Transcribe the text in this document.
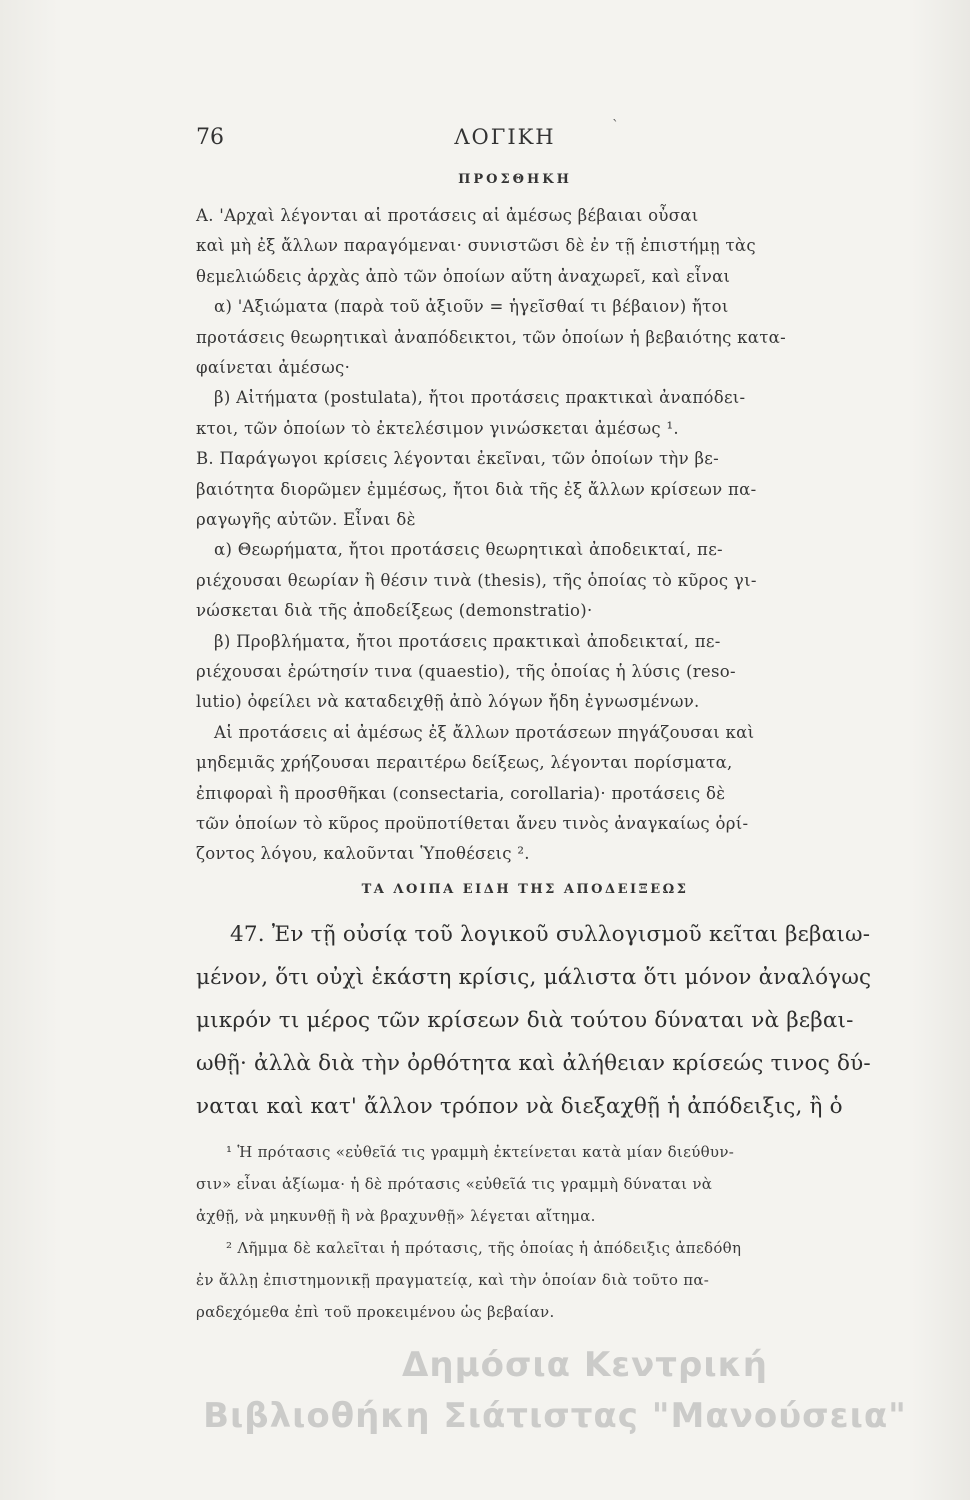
76	ΛΟΓΙΚΗ	`
ΠΡΟΣΘΗΚΗ
Α. 'Αρχαὶ λέγονται αἱ προτάσεις αἱ ἀμέσως βέβαιαι οὖσαι
καὶ μὴ ἐξ ἄλλων παραγόμεναι· συνιστῶσι δὲ ἐν τῇ ἐπιστήμῃ τὰς
θεμελιώδεις ἀρχὰς ἀπὸ τῶν ὁποίων αὕτη ἀναχωρεῖ, καὶ εἶναι
α) 'Αξιώματα (παρὰ τοῦ ἀξιοῦν = ἡγεῖσθαί τι βέβαιον) ἤτοι
προτάσεις θεωρητικαὶ ἀναπόδεικτοι, τῶν ὁποίων ἡ βεβαιότης κατα-
φαίνεται ἀμέσως·
β) Αἰτήματα (postulata), ἤτοι προτάσεις πρακτικαὶ ἀναπόδει-
κτοι, τῶν ὁποίων τὸ ἐκτελέσιμον γινώσκεται ἀμέσως ¹.
Β. Παράγωγοι κρίσεις λέγονται ἐκεῖναι, τῶν ὁποίων τὴν βε-
βαιότητα διορῶμεν ἐμμέσως, ἤτοι διὰ τῆς ἐξ ἄλλων κρίσεων πα-
ραγωγῆς αὐτῶν. Εἶναι δὲ
α) Θεωρήματα, ἤτοι προτάσεις θεωρητικαὶ ἀποδεικταί, πε-
ριέχουσαι θεωρίαν ἢ θέσιν τινὰ (thesis), τῆς ὁποίας τὸ κῦρος γι-
νώσκεται διὰ τῆς ἀποδείξεως (demonstratio)·
β) Προβλήματα, ἤτοι προτάσεις πρακτικαὶ ἀποδεικταί, πε-
ριέχουσαι ἐρώτησίν τινα (quaestio), τῆς ὁποίας ἡ λύσις (reso-
lutio) ὀφείλει νὰ καταδειχθῇ ἀπὸ λόγων ἤδη ἐγνωσμένων.
Αἱ προτάσεις αἱ ἀμέσως ἐξ ἄλλων προτάσεων πηγάζουσαι καὶ
μηδεμιᾶς χρήζουσαι περαιτέρω δείξεως, λέγονται πορίσματα,
ἐπιφοραὶ ἢ προσθῆκαι (consectaria, corollaria)· προτάσεις δὲ
τῶν ὁποίων τὸ κῦρος προϋποτίθεται ἄνευ τινὸς ἀναγκαίως ὁρί-
ζοντος λόγου, καλοῦνται Ὑποθέσεις ².
ΤΑ ΛΟΙΠΑ ΕΙΔΗ ΤΗΣ ΑΠΟΔΕΙΞΕΩΣ
47. Ἐν τῇ οὐσίᾳ τοῦ λογικοῦ συλλογισμοῦ κεῖται βεβαιω-
μένον, ὅτι οὐχὶ ἑκάστη κρίσις, μάλιστα ὅτι μόνον ἀναλόγως
μικρόν τι μέρος τῶν κρίσεων διὰ τούτου δύναται νὰ βεβαι-
ωθῇ· ἀλλὰ διὰ τὴν ὀρθότητα καὶ ἀλήθειαν κρίσεώς τινος δύ-
ναται καὶ κατ' ἄλλον τρόπον νὰ διεξαχθῇ ἡ ἀπόδειξις, ἢ ὁ
¹ Ἡ πρότασις «εὐθεῖά τις γραμμὴ ἐκτείνεται κατὰ μίαν διεύθυν-
σιν» εἶναι ἀξίωμα· ἡ δὲ πρότασις «εὐθεῖά τις γραμμὴ δύναται νὰ
ἀχθῇ, νὰ μηκυνθῇ ἢ νὰ βραχυνθῇ» λέγεται αἴτημα.
² Λῆμμα δὲ καλεῖται ἡ πρότασις, τῆς ὁποίας ἡ ἀπόδειξις ἀπεδόθη
ἐν ἄλλῃ ἐπιστημονικῇ πραγματείᾳ, καὶ τὴν ὁποίαν διὰ τοῦτο πα-
ραδεχόμεθα ἐπὶ τοῦ προκειμένου ὡς βεβαίαν.
Δημόσια Κεντρική
Βιβλιοθήκη Σιάτιστας "Μανούσεια"
